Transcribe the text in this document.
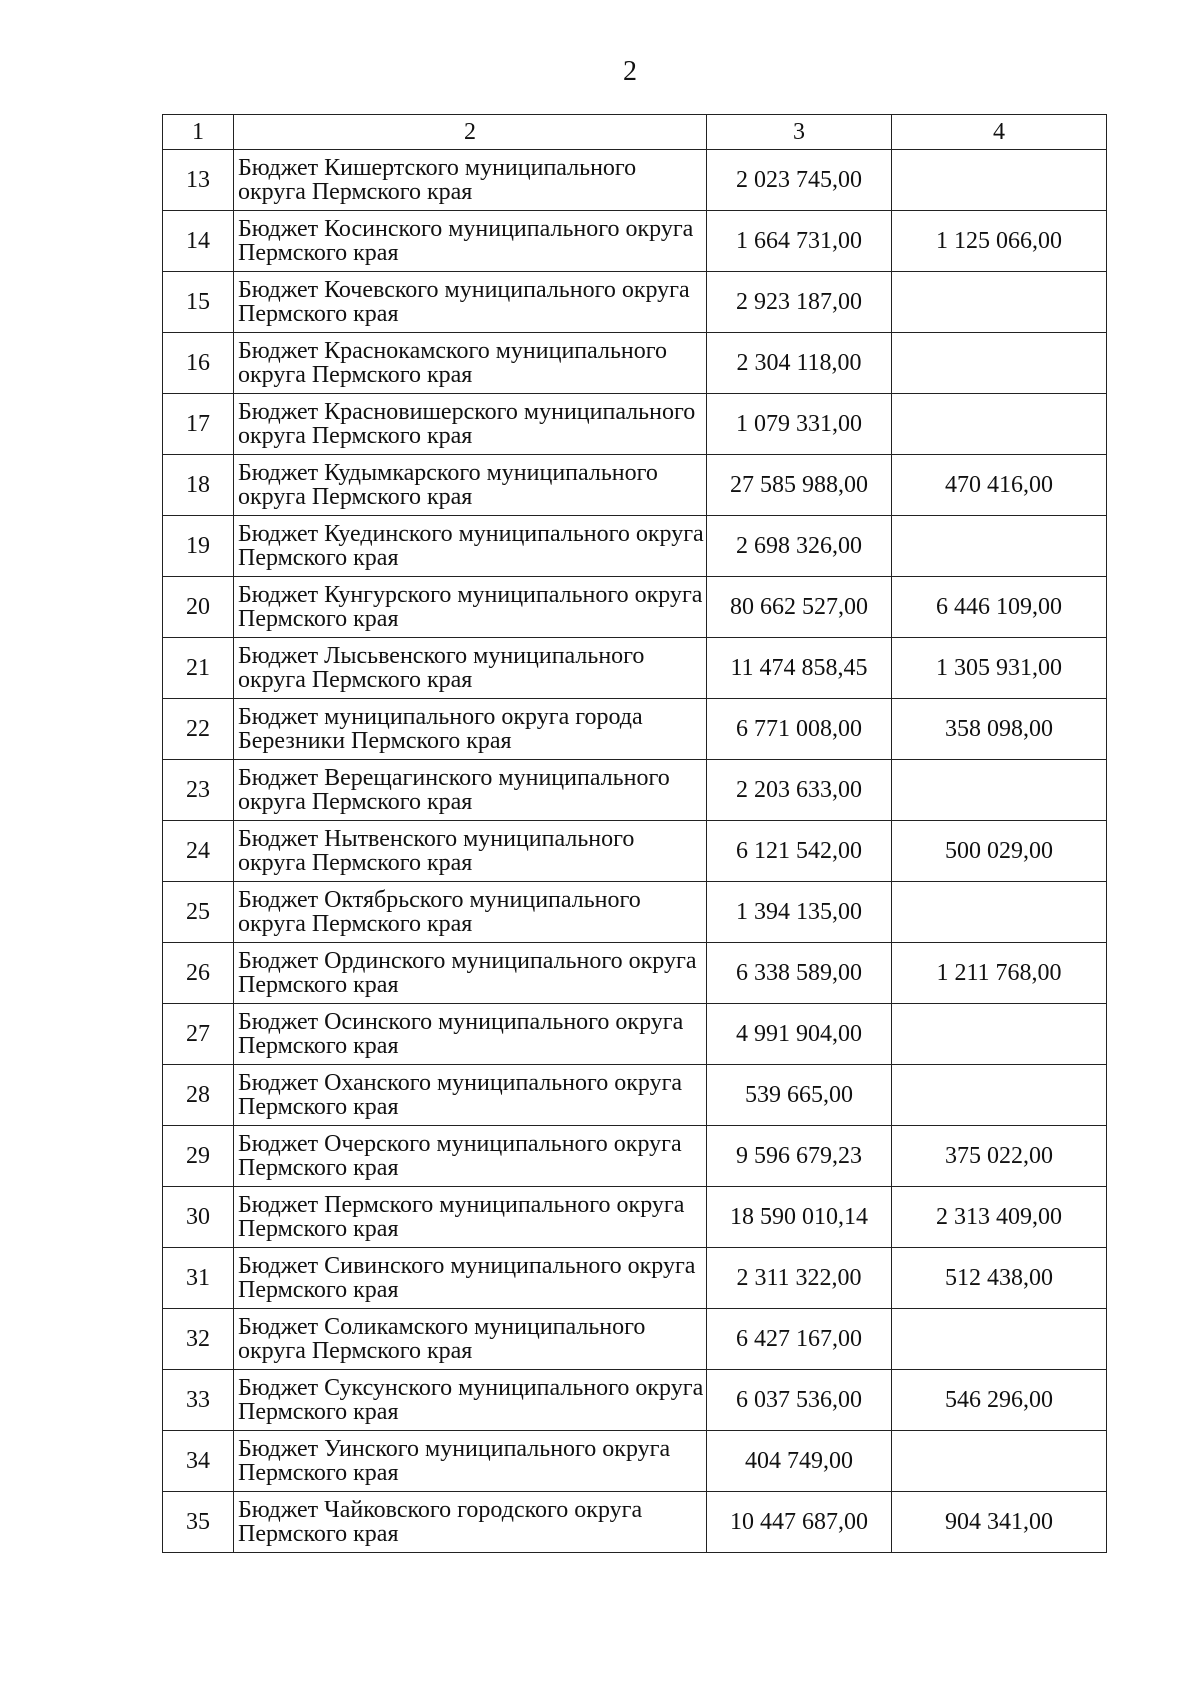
2
1	2	3	4
13	Бюджет Кишертского муниципального округа Пермского края	2 023 745,00	
14	Бюджет Косинского муниципального округа Пермского края	1 664 731,00	1 125 066,00
15	Бюджет Кочевского муниципального округа Пермского края	2 923 187,00	
16	Бюджет Краснокамского муниципального округа Пермского края	2 304 118,00	
17	Бюджет Красновишерского муниципального округа Пермского края	1 079 331,00	
18	Бюджет Кудымкарского муниципального округа Пермского края	27 585 988,00	470 416,00
19	Бюджет Куединского муниципального округа Пермского края	2 698 326,00	
20	Бюджет Кунгурского муниципального округа Пермского края	80 662 527,00	6 446 109,00
21	Бюджет Лысьвенского муниципального округа Пермского края	11 474 858,45	1 305 931,00
22	Бюджет муниципального округа города Березники Пермского края	6 771 008,00	358 098,00
23	Бюджет Верещагинского муниципального округа Пермского края	2 203 633,00	
24	Бюджет Нытвенского муниципального округа Пермского края	6 121 542,00	500 029,00
25	Бюджет Октябрьского муниципального округа Пермского края	1 394 135,00	
26	Бюджет Ординского муниципального округа Пермского края	6 338 589,00	1 211 768,00
27	Бюджет Осинского муниципального округа Пермского края	4 991 904,00	
28	Бюджет Оханского муниципального округа Пермского края	539 665,00	
29	Бюджет Очерского муниципального округа Пермского края	9 596 679,23	375 022,00
30	Бюджет Пермского муниципального округа Пермского края	18 590 010,14	2 313 409,00
31	Бюджет Сивинского муниципального округа Пермского края	2 311 322,00	512 438,00
32	Бюджет Соликамского муниципального округа Пермского края	6 427 167,00	
33	Бюджет Суксунского муниципального округа Пермского края	6 037 536,00	546 296,00
34	Бюджет Уинского муниципального округа Пермского края	404 749,00	
35	Бюджет Чайковского городского округа Пермского края	10 447 687,00	904 341,00
